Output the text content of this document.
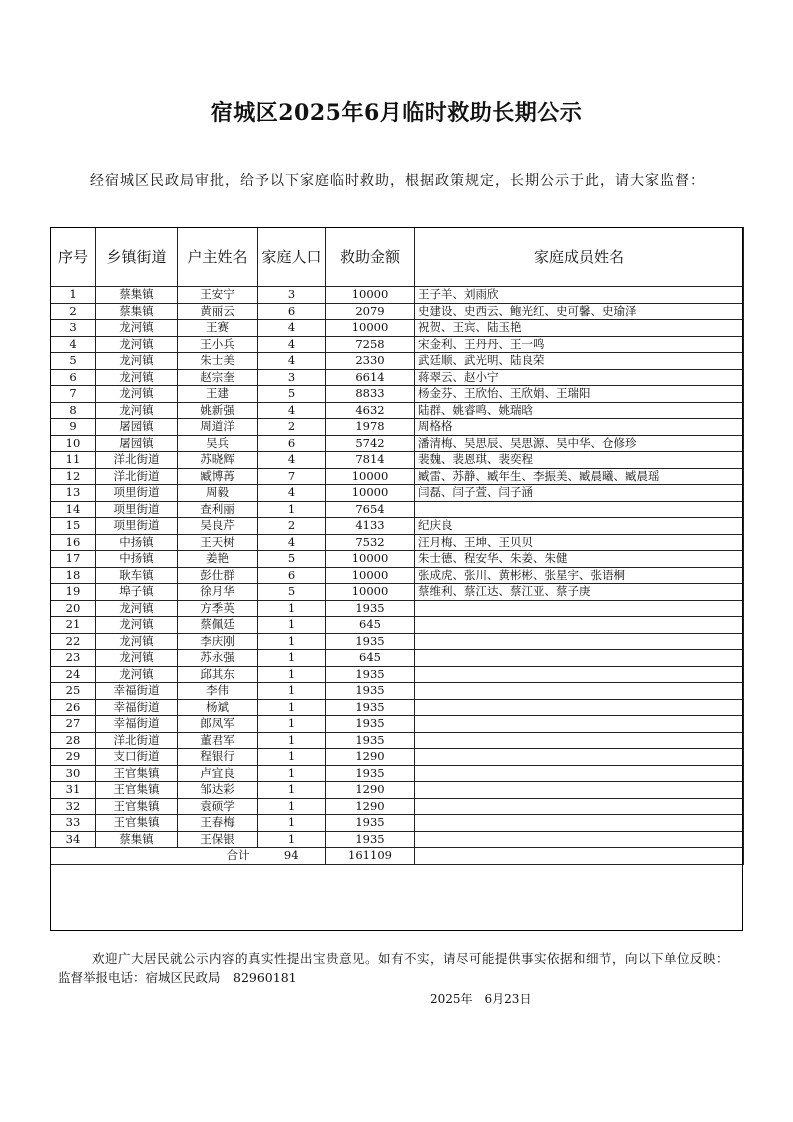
宿城区2025年6月临时救助长期公示
经宿城区民政局审批，给予以下家庭临时救助，根据政策规定，长期公示于此，请大家监督：
序号	乡镇街道	户主姓名	家庭人口	救助金额	家庭成员姓名
1	蔡集镇	王安宁	3	10000	王子羊、刘雨欣
2	蔡集镇	黄丽云	6	2079	史建设、史西云、鲍光红、史可馨、史瑜泽
3	龙河镇	王赛	4	10000	祝贺、王宾、陆玉艳
4	龙河镇	王小兵	4	7258	宋金利、王丹丹、王一鸣
5	龙河镇	朱士美	4	2330	武廷顺、武光明、陆良荣
6	龙河镇	赵宗奎	3	6614	蒋翠云、赵小宁
7	龙河镇	王建	5	8833	杨金芬、王欣怡、王欣娟、王瑞阳
8	龙河镇	姚新强	4	4632	陆群、姚睿鸣、姚瑞晗
9	屠园镇	周道洋	2	1978	周格格
10	屠园镇	吴兵	6	5742	潘清梅、吴思辰、吴思源、吴中华、仓修珍
11	洋北街道	苏晓辉	4	7814	裴魏、裴恩琪、裴奕程
12	洋北街道	臧博苒	7	10000	臧雷、苏静、臧年生、李振美、臧晨曦、臧晨瑶
13	项里街道	周毅	4	10000	闫磊、闫子萱、闫子涵
14	项里街道	查利丽	1	7654	
15	项里街道	吴良芹	2	4133	纪庆良
16	中扬镇	王天树	4	7532	汪月梅、王坤、王贝贝
17	中扬镇	姜艳	5	10000	朱士德、程安华、朱姜、朱健
18	耿车镇	彭仕群	6	10000	张成虎、张川、黄彬彬、张星宇、张语桐
19	埠子镇	徐月华	5	10000	蔡维利、蔡江达、蔡江亚、蔡子庚
20	龙河镇	方季英	1	1935	
21	龙河镇	蔡佩廷	1	645	
22	龙河镇	李庆刚	1	1935	
23	龙河镇	苏永强	1	645	
24	龙河镇	邱其东	1	1935	
25	幸福街道	李伟	1	1935	
26	幸福街道	杨斌	1	1935	
27	幸福街道	郎凤军	1	1935	
28	洋北街道	董君军	1	1935	
29	支口街道	程银行	1	1290	
30	王官集镇	卢宜良	1	1935	
31	王官集镇	邹达彩	1	1290	
32	王官集镇	袁硕学	1	1290	
33	王官集镇	王春梅	1	1935	
34	蔡集镇	王保银	1	1935	
合计			94	161109	
欢迎广大居民就公示内容的真实性提出宝贵意见。如有不实，请尽可能提供事实依据和细节，向以下单位反映：
监督举报电话：宿城区民政局　82960181
2025年　6月23日
